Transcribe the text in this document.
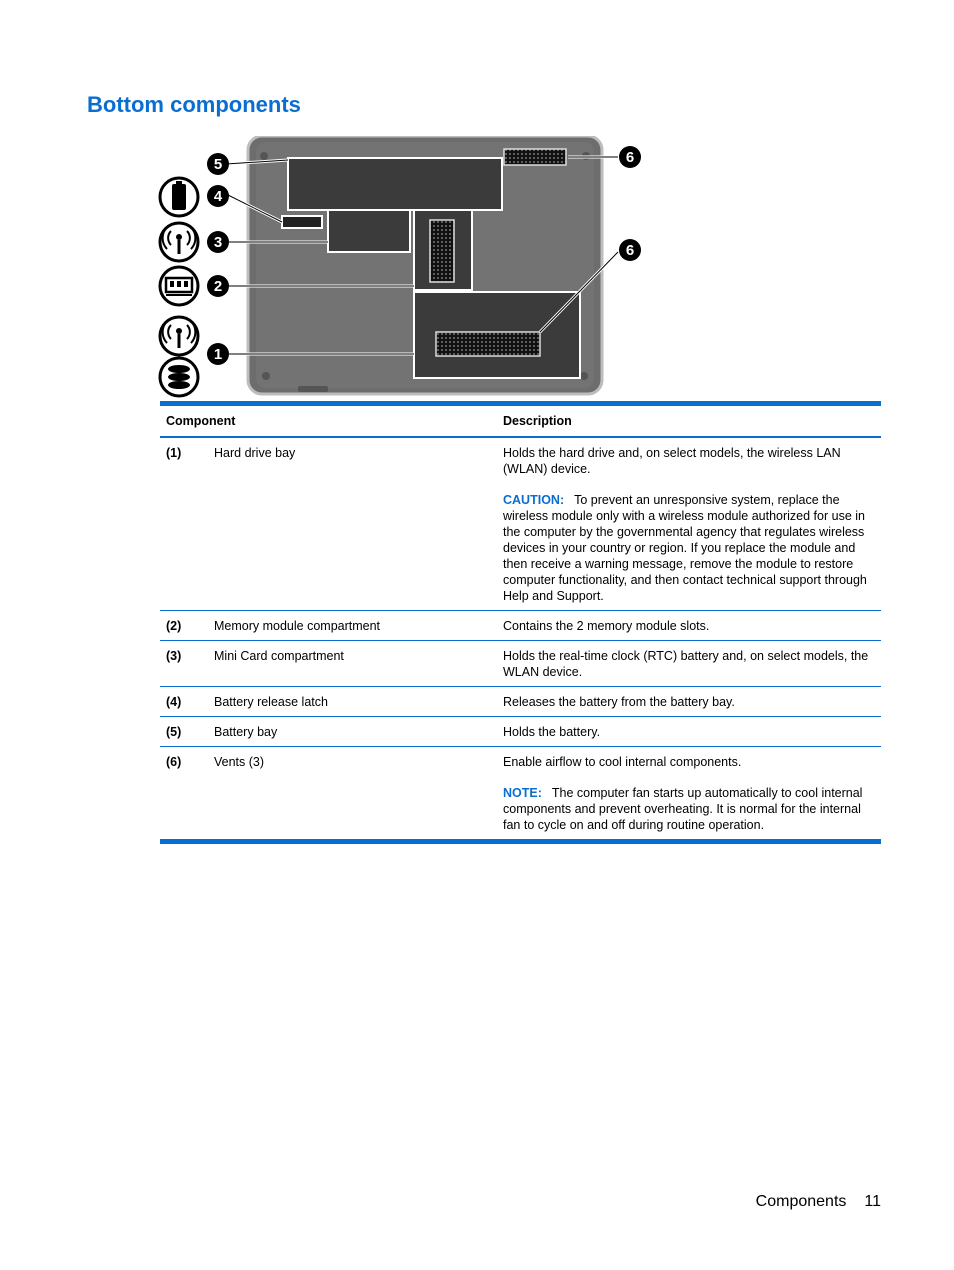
Bottom components
5
4
3
2
1
6
6
Component	Description
(1)	Hard drive bay	Holds the hard drive and, on select models, the wireless LAN (WLAN) device.
CAUTION: To prevent an unresponsive system, replace the wireless module only with a wireless module authorized for use in the computer by the governmental agency that regulates wireless devices in your country or region. If you replace the module and then receive a warning message, remove the module to restore computer functionality, and then contact technical support through Help and Support.
(2)	Memory module compartment	Contains the 2 memory module slots.
(3)	Mini Card compartment	Holds the real-time clock (RTC) battery and, on select models, the WLAN device.
(4)	Battery release latch	Releases the battery from the battery bay.
(5)	Battery bay	Holds the battery.
(6)	Vents (3)	Enable airflow to cool internal components.
NOTE: The computer fan starts up automatically to cool internal components and prevent overheating. It is normal for the internal fan to cycle on and off during routine operation.
Components 11
